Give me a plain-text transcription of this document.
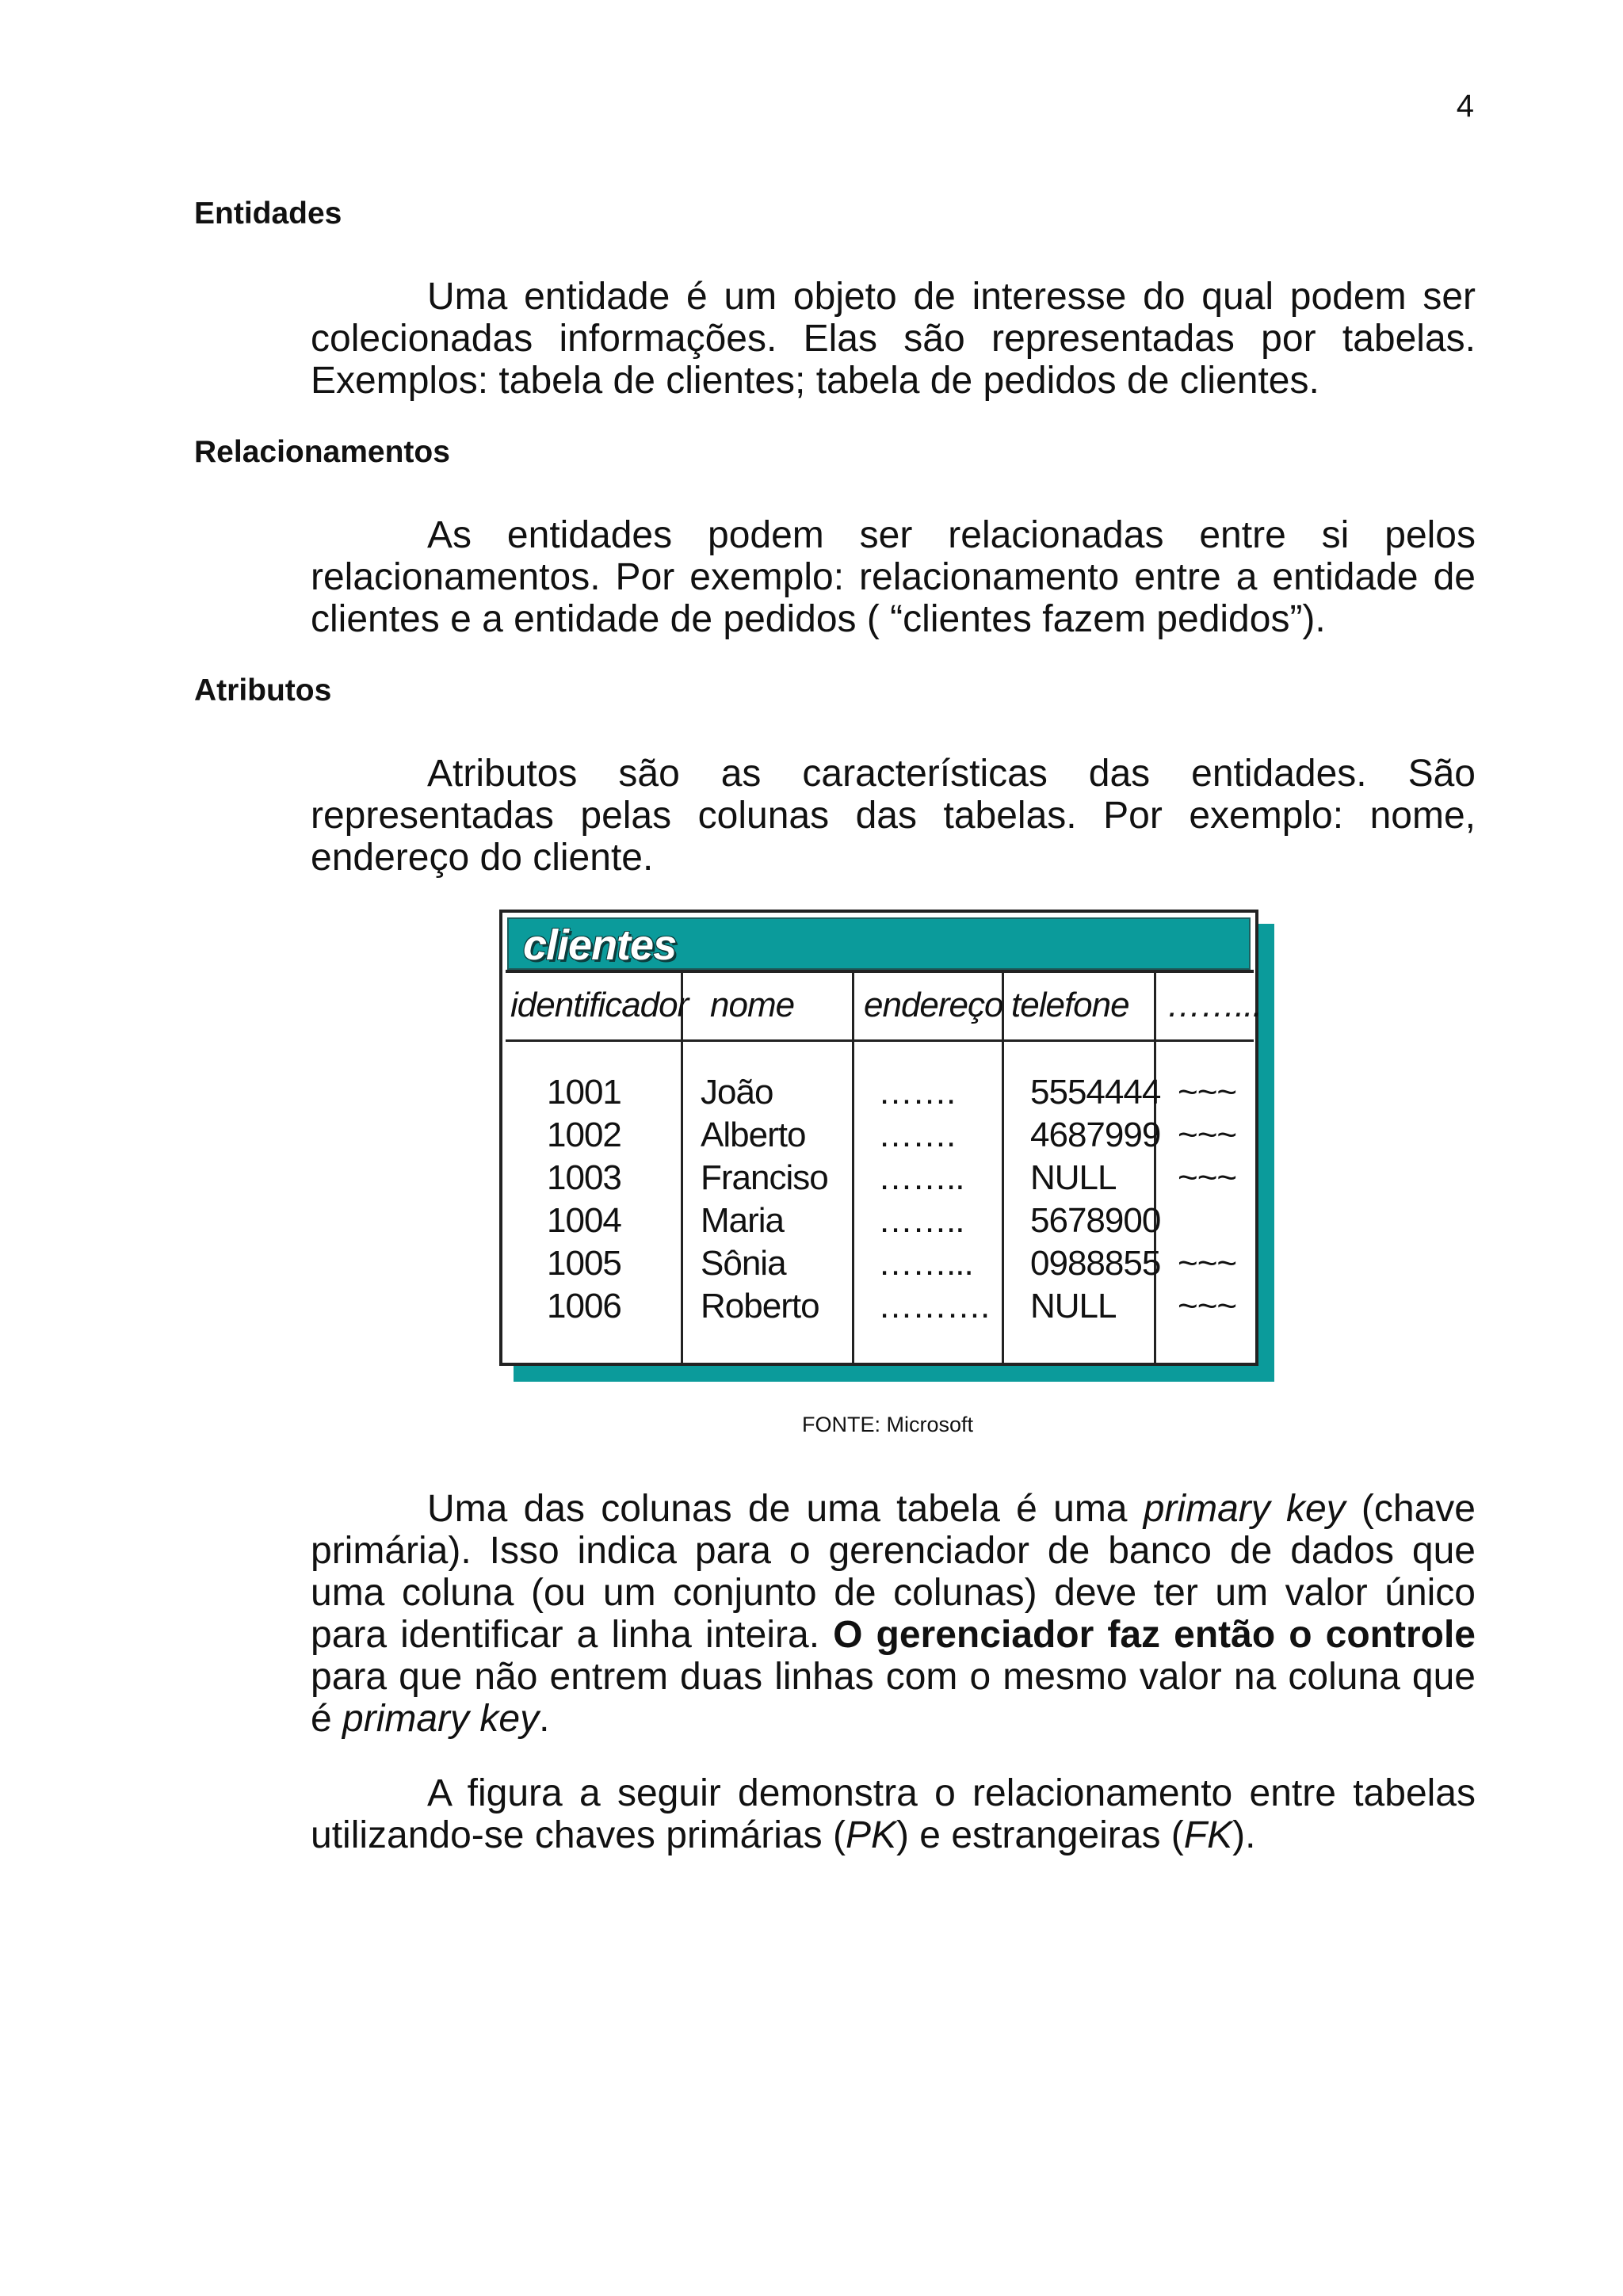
4
Entidades

Uma entidade é um objeto de interesse do qual podem ser colecionadas informações. Elas são representadas por tabelas. Exemplos: tabela de clientes; tabela de pedidos de clientes.

Relacionamentos

As entidades podem ser relacionadas entre si pelos relacionamentos. Por exemplo: relacionamento entre a entidade de clientes e a entidade de pedidos ( “clientes fazem pedidos”).

Atributos

Atributos são as características das entidades. São representadas pelas colunas das tabelas. Por exemplo: nome, endereço do cliente.

clientes
identificador nome endereço telefone ……...
1001 João	……. 5554444 ~~~
1002 Alberto ……. 4687999 ~~~
1003 Franciso …….. NULL ~~~
1004 Maria	…….. 5678900
1005 Sônia	……... 0988855 ~~~
1006 Roberto ………. NULL ~~~
FONTE: Microsoft

Uma das colunas de uma tabela é uma primary key (chave primária). Isso indica para o gerenciador de banco de dados que uma coluna (ou um conjunto de colunas) deve ter um valor único para identificar a linha inteira. O gerenciador faz então o controle para que não entrem duas linhas com o mesmo valor na coluna que é primary key.

A figura a seguir demonstra o relacionamento entre tabelas utilizando-se chaves primárias (PK) e estrangeiras (FK).
